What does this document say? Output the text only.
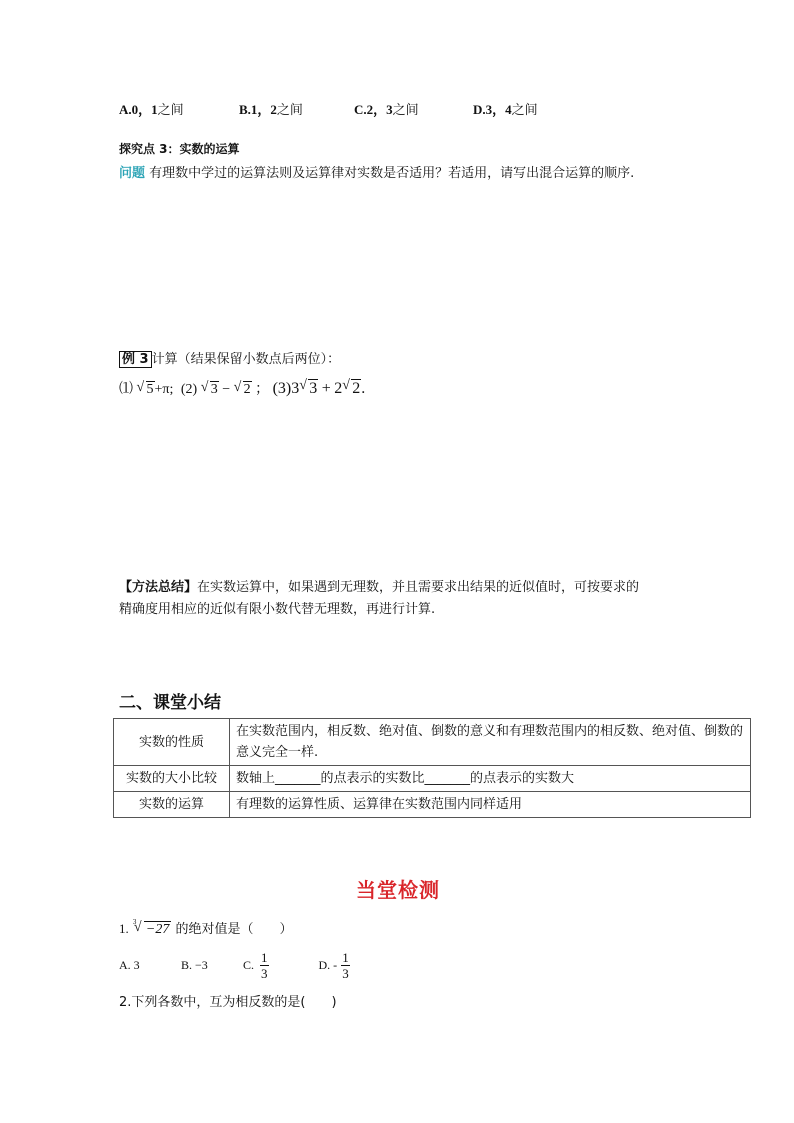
A.0，1之间	B.1，2之间	C.2，3之间	D.3，4之间
探究点 3：实数的运算
问题 有理数中学过的运算法则及运算律对实数是否适用？若适用，请写出混合运算的顺序.
例 3 计算（结果保留小数点后两位）：
⑴ √ 5+π; (2) √ 3 − √ 2 ； (3)3 √ 3 + 2 √ 2.
【方法总结】在实数运算中，如果遇到无理数，并且需要求出结果的近似值时，可按要求的
精确度用相应的近似有限小数代替无理数，再进行计算.
二、课堂小结
实数的性质	在实数范围内，相反数、绝对值、倒数的意义和有理数范围内的相反数、绝对值、倒数的意义完全一样.
实数的大小比较	数轴上_______的点表示的实数比_______的点表示的实数大
实数的运算	有理数的运算性质、运算律在实数范围内同样适用
当堂检测
1. √ 3 −27 的绝对值是（　　）
A. 3	B. −3	C. $\frac{1}{3}$	D. - $\frac{1}{3}$
2.下列各数中，互为相反数的是(　　)
